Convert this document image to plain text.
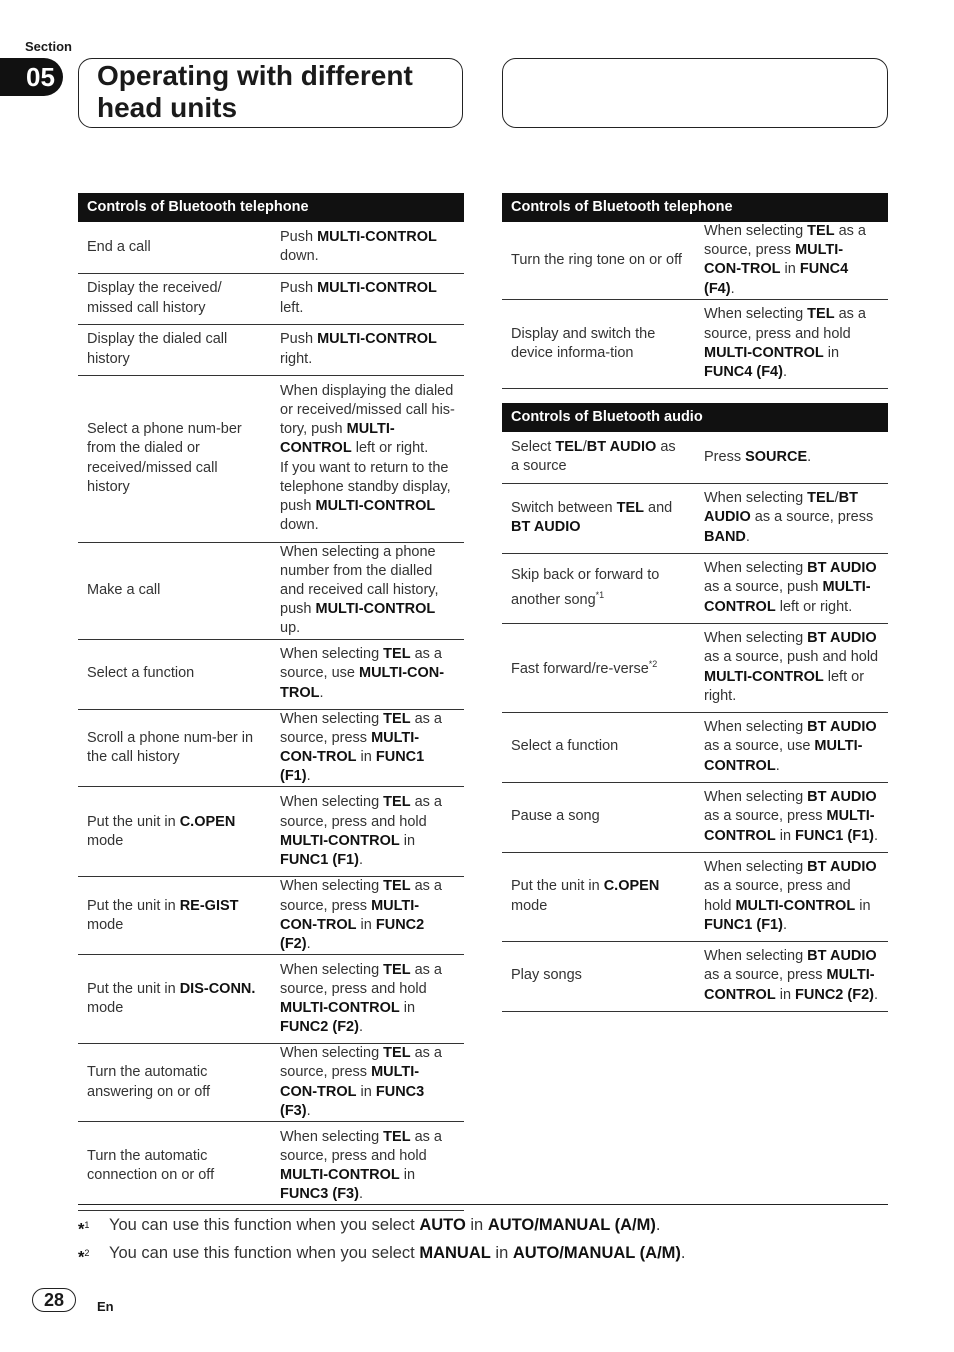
Section
05 Operating with different head units
Controls of Bluetooth telephone	
End a call	Push MULTI-CONTROL down.
Display the received/ missed call history	Push MULTI-CONTROL left.
Display the dialed call history	Push MULTI-CONTROL right.
Select a phone num-ber from the dialed or received/missed call history	When displaying the dialed or received/missed call his-tory, push MULTI-CONTROL left or right.
If you want to return to the telephone standby display, push MULTI-CONTROL down.
Make a call	When selecting a phone number from the dialled and received call history, push MULTI-CONTROL up.
Select a function	When selecting TEL as a source, use MULTI-CON-TROL.
Scroll a phone num-ber in the call history	When selecting TEL as a source, press MULTI-CON-TROL in FUNC1 (F1).
Put the unit in C.OPEN mode	When selecting TEL as a source, press and hold MULTI-CONTROL in FUNC1 (F1).
Put the unit in RE-GIST mode	When selecting TEL as a source, press MULTI-CON-TROL in FUNC2 (F2).
Put the unit in DIS-CONN. mode	When selecting TEL as a source, press and hold MULTI-CONTROL in FUNC2 (F2).
Turn the automatic answering on or off	When selecting TEL as a source, press MULTI-CON-TROL in FUNC3 (F3).
Turn the automatic connection on or off	When selecting TEL as a source, press and hold MULTI-CONTROL in FUNC3 (F3).
Controls of Bluetooth telephone	
Turn the ring tone on or off	When selecting TEL as a source, press MULTI-CON-TROL in FUNC4 (F4).
Display and switch the device informa-tion	When selecting TEL as a source, press and hold MULTI-CONTROL in FUNC4 (F4).
Controls of Bluetooth audio	
Select TEL/BT AUDIO as a source	Press SOURCE.
Switch between TEL and BT AUDIO	When selecting TEL/BT AUDIO as a source, press BAND.
Skip back or forward to another song$^{*1}$	When selecting BT AUDIO as a source, push MULTI-CONTROL left or right.
Fast forward/re-verse$^{*2}$	When selecting BT AUDIO as a source, push and hold MULTI-CONTROL left or right.
Select a function	When selecting BT AUDIO as a source, use MULTI-CONTROL.
Pause a song	When selecting BT AUDIO as a source, press MULTI-CONTROL in FUNC1 (F1).
Put the unit in C.OPEN mode	When selecting BT AUDIO as a source, press and hold MULTI-CONTROL in FUNC1 (F1).
Play songs	When selecting BT AUDIO as a source, press MULTI-CONTROL in FUNC2 (F2).
*$^1$	You can use this function when you select AUTO in AUTO/MANUAL (A/M).
*$^2$	You can use this function when you select MANUAL in AUTO/MANUAL (A/M).
28	En
